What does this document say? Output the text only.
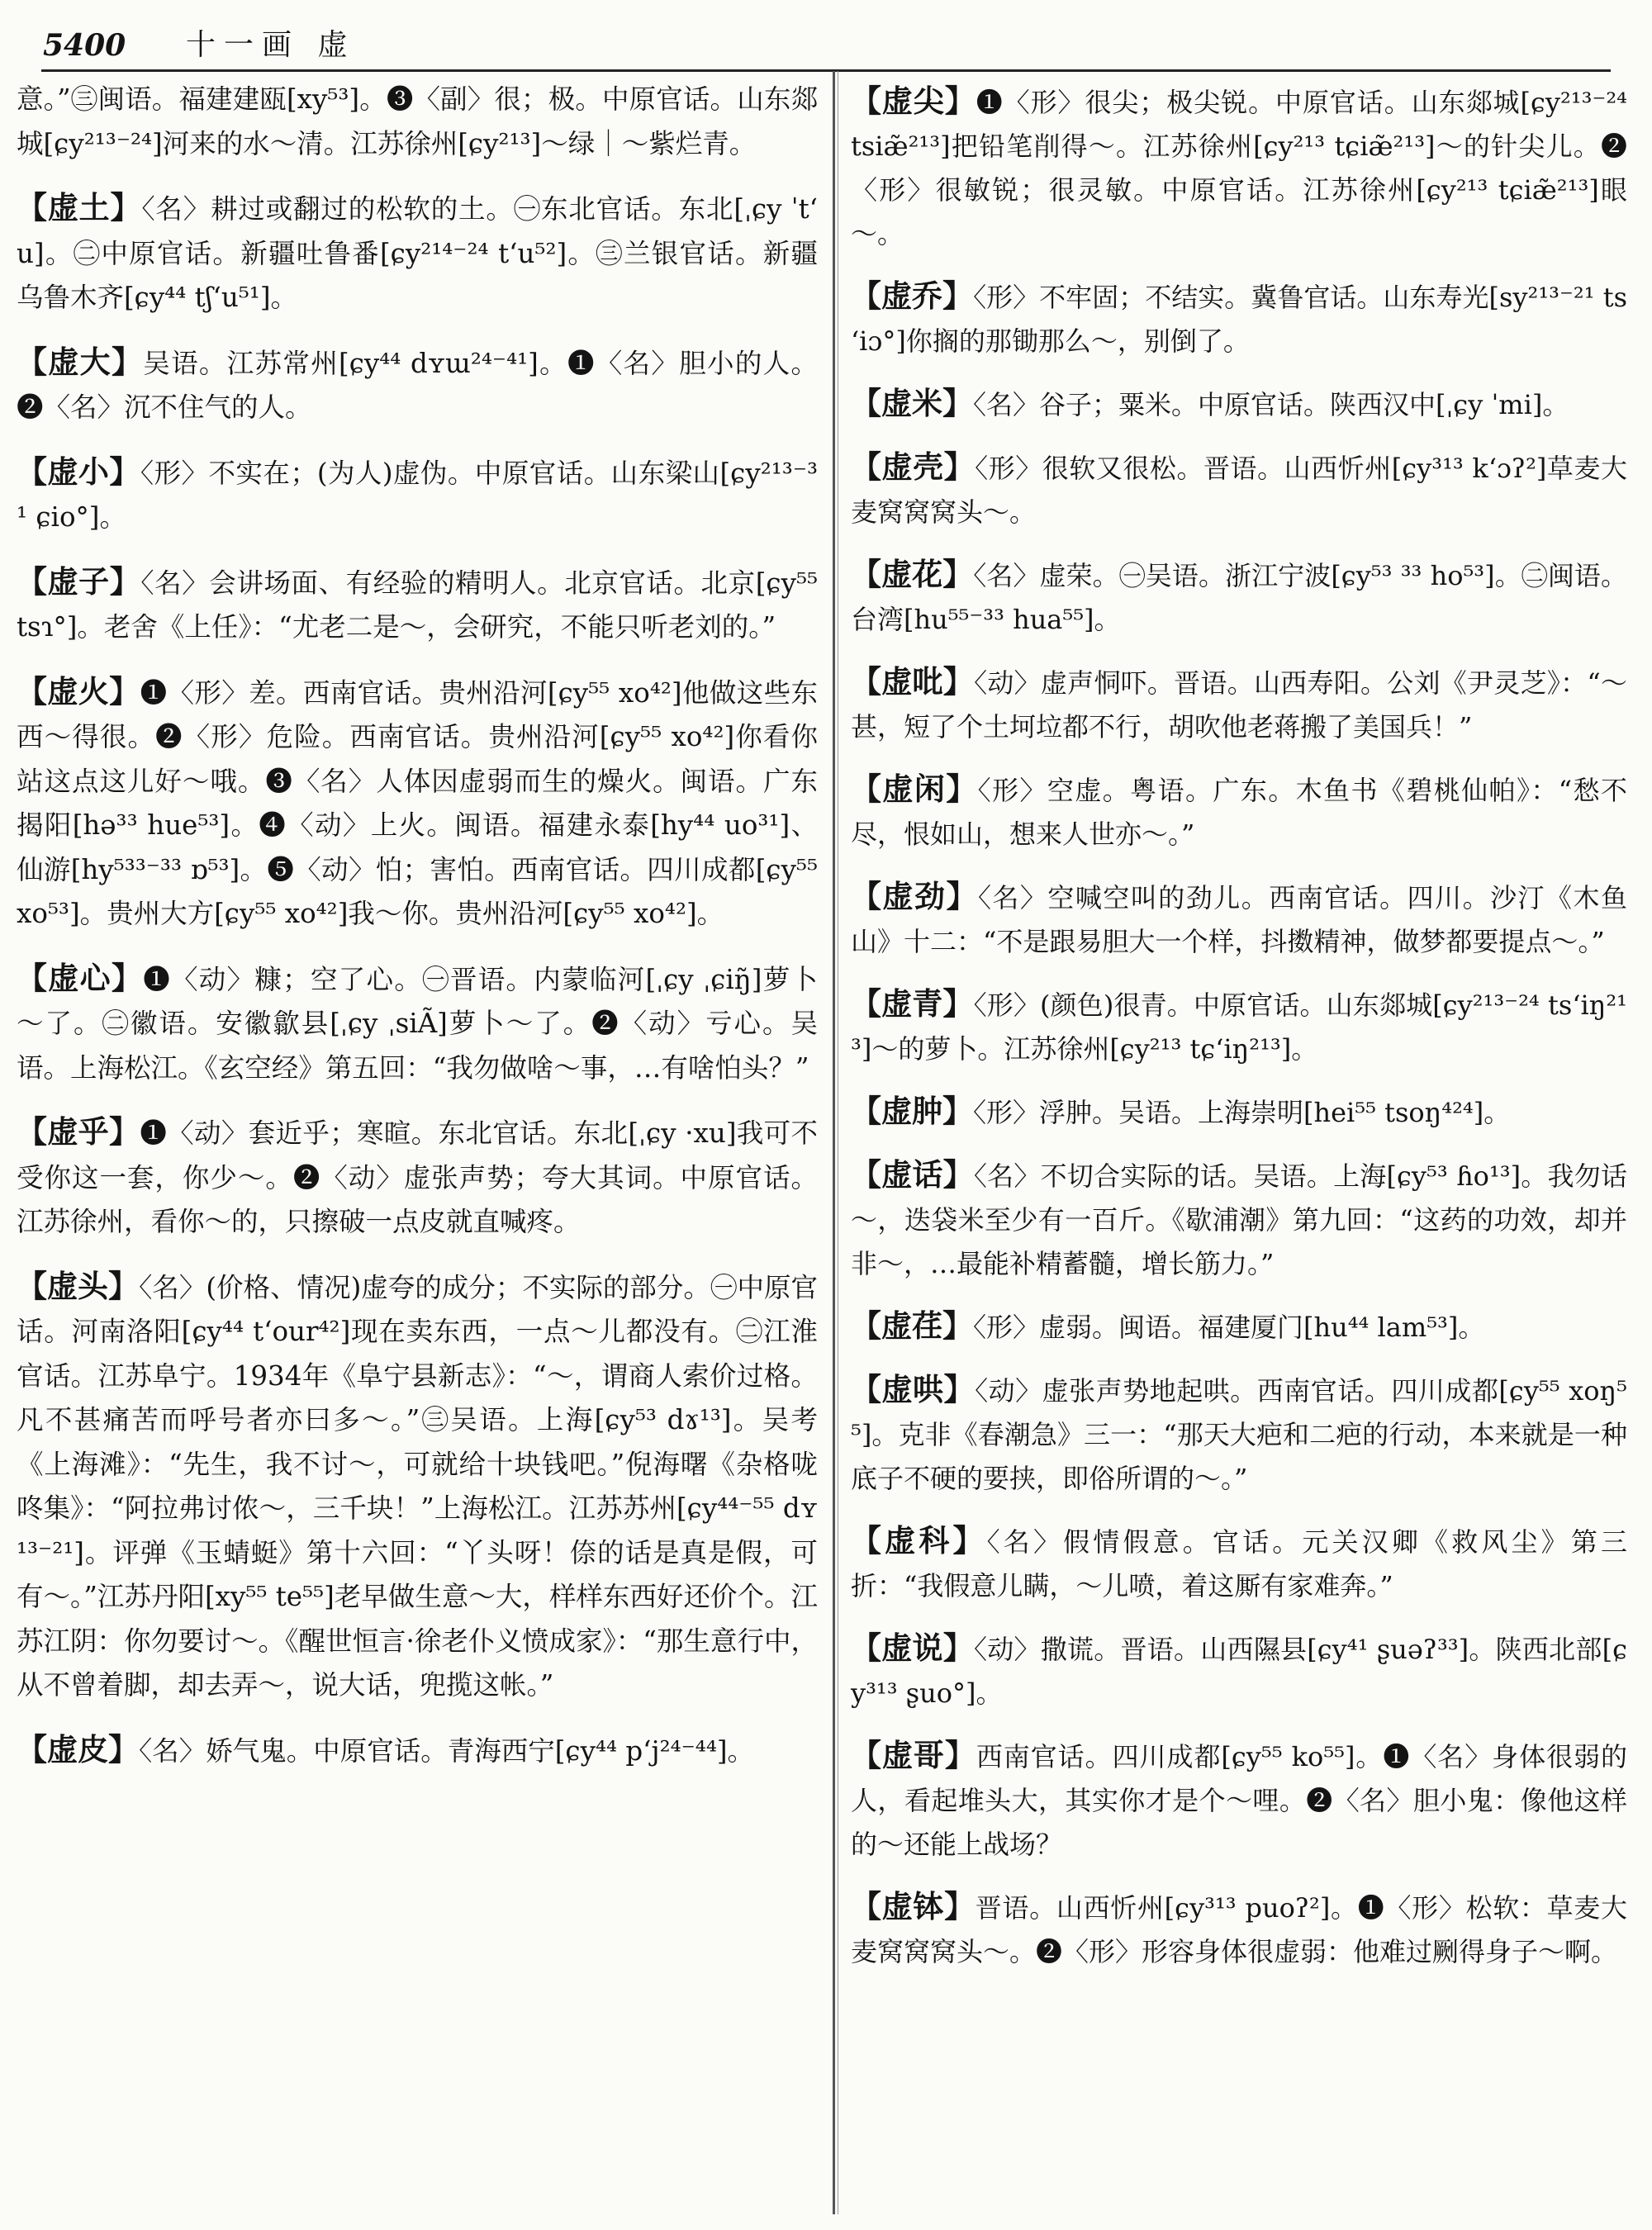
5400 十一画 虚

意。”㊂闽语。福建建瓯[xy⁵³]。❸〈副〉很；极。中原官话。山东郯城[ɕy²¹³⁻²⁴]河来的水～清。江苏徐州[ɕy²¹³]～绿｜～紫烂青。

【虚土】〈名〉耕过或翻过的松软的土。㊀东北官话。东北[ˌɕy ˈtʻu]。㊁中原官话。新疆吐鲁番[ɕy²¹⁴⁻²⁴ tʻu⁵²]。㊂兰银官话。新疆乌鲁木齐[ɕy⁴⁴ tʃʻu⁵¹]。

【虚大】吴语。江苏常州[ɕy⁴⁴ dʏɯ²⁴⁻⁴¹]。❶〈名〉胆小的人。❷〈名〉沉不住气的人。

【虚小】〈形〉不实在；(为人)虚伪。中原官话。山东梁山[ɕy²¹³⁻³¹ ɕio°]。

【虚子】〈名〉会讲场面、有经验的精明人。北京官话。北京[ɕy⁵⁵ tsɿ°]。老舍《上任》：“尤老二是～，会研究，不能只听老刘的。”

【虚火】❶〈形〉差。西南官话。贵州沿河[ɕy⁵⁵ xo⁴²]他做这些东西～得很。❷〈形〉危险。西南官话。贵州沿河[ɕy⁵⁵ xo⁴²]你看你站这点这儿好～哦。❸〈名〉人体因虚弱而生的燥火。闽语。广东揭阳[hə³³ hue⁵³]。❹〈动〉上火。闽语。福建永泰[hy⁴⁴ uo³¹]、仙游[hy⁵³³⁻³³ ɒ⁵³]。❺〈动〉怕；害怕。西南官话。四川成都[ɕy⁵⁵ xo⁵³]。贵州大方[ɕy⁵⁵ xo⁴²]我～你。贵州沿河[ɕy⁵⁵ xo⁴²]。

【虚心】❶〈动〉糠；空了心。㊀晋语。内蒙临河[ˌɕy ˌɕiŋ̃]萝卜～了。㊁徽语。安徽歙县[ˌɕy ˌsiÃ]萝卜～了。❷〈动〉亏心。吴语。上海松江。《玄空经》第五回：“我勿做啥～事，…有啥怕头？”

【虚乎】❶〈动〉套近乎；寒暄。东北官话。东北[ˌɕy ·xu]我可不受你这一套，你少～。❷〈动〉虚张声势；夸大其词。中原官话。江苏徐州，看你～的，只擦破一点皮就直喊疼。

【虚头】〈名〉(价格、情况)虚夸的成分；不实际的部分。㊀中原官话。河南洛阳[ɕy⁴⁴ tʻour⁴²]现在卖东西，一点～儿都没有。㊁江淮官话。江苏阜宁。1934年《阜宁县新志》：“～，谓商人索价过格。凡不甚痛苦而呼号者亦曰多～。”㊂吴语。上海[ɕy⁵³ dɤ¹³]。吴考《上海滩》：“先生，我不讨～，可就给十块钱吧。”倪海曙《杂格咙咚集》：“阿拉弗讨侬～，三千块！”上海松江。江苏苏州[ɕy⁴⁴⁻⁵⁵ dʏ¹³⁻²¹]。评弹《玉蜻蜓》第十六回：“丫头呀！倷的话是真是假，可有～。”江苏丹阳[xy⁵⁵ te⁵⁵]老早做生意～大，样样东西好还价个。江苏江阴：你勿要讨～。《醒世恒言·徐老仆义愤成家》：“那生意行中，从不曾着脚，却去弄～，说大话，兜揽这帐。”

【虚皮】〈名〉娇气鬼。中原官话。青海西宁[ɕy⁴⁴ pʻj²⁴⁻⁴⁴]。

【虚尖】❶〈形〉很尖；极尖锐。中原官话。山东郯城[ɕy²¹³⁻²⁴ tsiæ̃²¹³]把铅笔削得～。江苏徐州[ɕy²¹³ tɕiæ̃²¹³]～的针尖儿。❷〈形〉很敏锐；很灵敏。中原官话。江苏徐州[ɕy²¹³ tɕiæ̃²¹³]眼～。

【虚乔】〈形〉不牢固；不结实。冀鲁官话。山东寿光[sy²¹³⁻²¹ tsʻiɔ°]你搁的那锄那么～，别倒了。

【虚米】〈名〉谷子；粟米。中原官话。陕西汉中[ˌɕy ˈmi]。

【虚壳】〈形〉很软又很松。晋语。山西忻州[ɕy³¹³ kʻɔʔ²]草麦大麦窝窝窝头～。

【虚花】〈名〉虚荣。㊀吴语。浙江宁波[ɕy⁵³ ³³ ho⁵³]。㊁闽语。台湾[hu⁵⁵⁻³³ hua⁵⁵]。

【虚吡】〈动〉虚声恫吓。晋语。山西寿阳。公刘《尹灵芝》：“～甚，短了个土坷垃都不行，胡吹他老蒋搬了美国兵！”

【虚闲】〈形〉空虚。粤语。广东。木鱼书《碧桃仙帕》：“愁不尽，恨如山，想来人世亦～。”

【虚劲】〈名〉空喊空叫的劲儿。西南官话。四川。沙汀《木鱼山》十二：“不是跟易胆大一个样，抖擞精神，做梦都要提点～。”

【虚青】〈形〉(颜色)很青。中原官话。山东郯城[ɕy²¹³⁻²⁴ tsʻiŋ²¹³]～的萝卜。江苏徐州[ɕy²¹³ tɕʻiŋ²¹³]。

【虚肿】〈形〉浮肿。吴语。上海崇明[hei⁵⁵ tsoŋ⁴²⁴]。

【虚话】〈名〉不切合实际的话。吴语。上海[ɕy⁵³ ɦo¹³]。我勿话～，迭袋米至少有一百斤。《歇浦潮》第九回：“这药的功效，却并非～，…最能补精蓄髓，增长筋力。”

【虚荏】〈形〉虚弱。闽语。福建厦门[hu⁴⁴ lam⁵³]。

【虚哄】〈动〉虚张声势地起哄。西南官话。四川成都[ɕy⁵⁵ xoŋ⁵⁵]。克非《春潮急》三一：“那天大疤和二疤的行动，本来就是一种底子不硬的要挟，即俗所谓的～。”

【虚科】〈名〉假情假意。官话。元关汉卿《救风尘》第三折：“我假意儿瞒，～儿喷，着这厮有家难奔。”

【虚说】〈动〉撒谎。晋语。山西隰县[ɕy⁴¹ ʂuəʔ³³]。陕西北部[ɕy³¹³ ʂuo°]。

【虚哥】西南官话。四川成都[ɕy⁵⁵ ko⁵⁵]。❶〈名〉身体很弱的人，看起堆头大，其实你才是个～哩。❷〈名〉胆小鬼：像他这样的～还能上战场？

【虚钵】晋语。山西忻州[ɕy³¹³ puoʔ²]。❶〈形〉松软：草麦大麦窝窝窝头～。❷〈形〉形容身体很虚弱：他难过劂得身子～啊。
